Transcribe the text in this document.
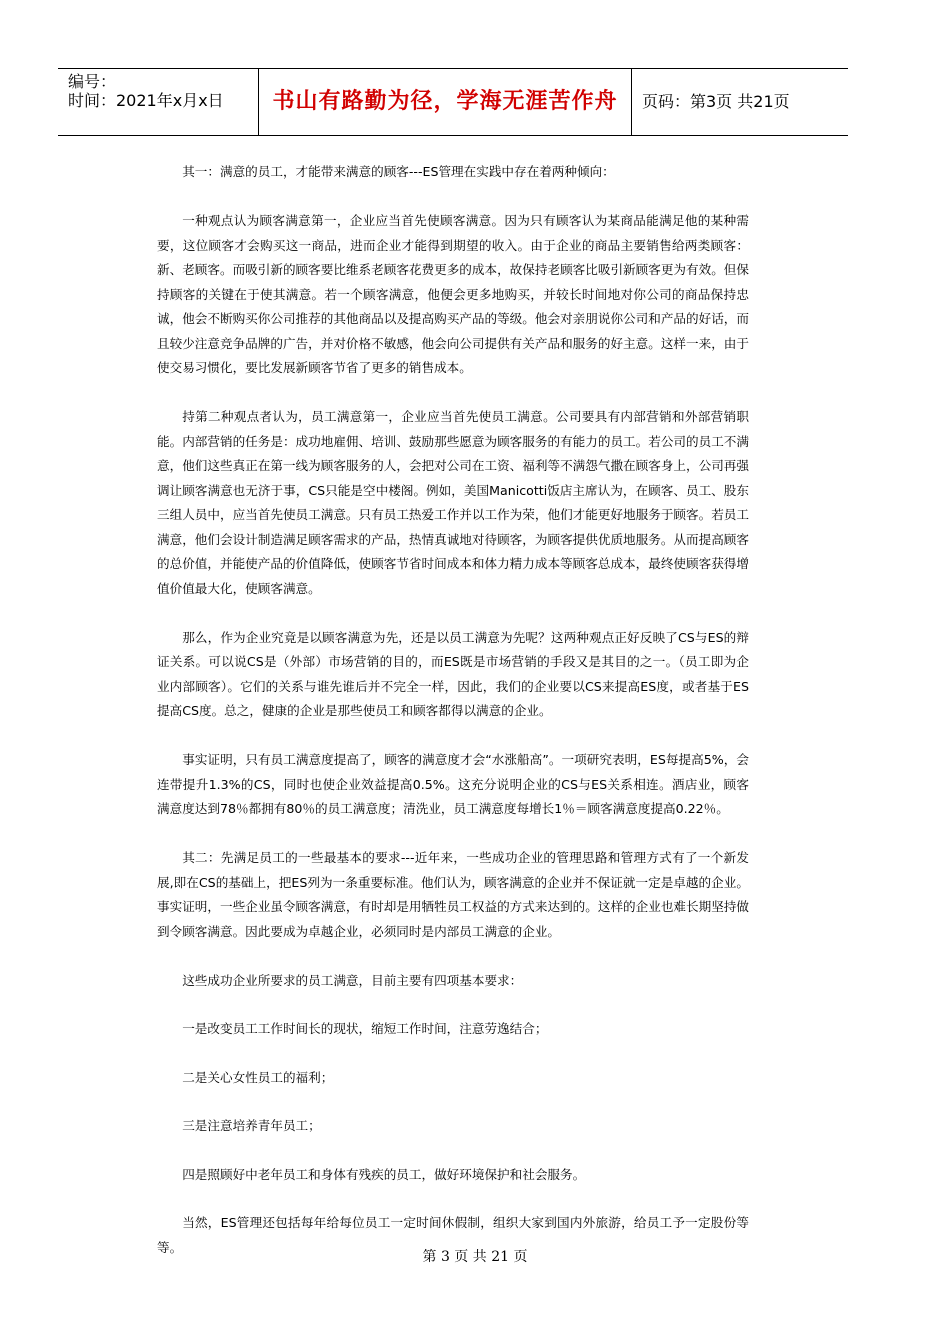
编号：
时间：2021年x月x日	书山有路勤为径，学海无涯苦作舟	页码：第3页 共21页

其一：满意的员工，才能带来满意的顾客---ES管理在实践中存在着两种倾向：

一种观点认为顾客满意第一，企业应当首先使顾客满意。因为只有顾客认为某商品能满足他的某种需要，这位顾客才会购买这一商品，进而企业才能得到期望的收入。由于企业的商品主要销售给两类顾客：新、老顾客。而吸引新的顾客要比维系老顾客花费更多的成本，故保持老顾客比吸引新顾客更为有效。但保持顾客的关键在于使其满意。若一个顾客满意，他便会更多地购买，并较长时间地对你公司的商品保持忠诚，他会不断购买你公司推荐的其他商品以及提高购买产品的等级。他会对亲朋说你公司和产品的好话，而且较少注意竞争品牌的广告，并对价格不敏感，他会向公司提供有关产品和服务的好主意。这样一来，由于使交易习惯化，要比发展新顾客节省了更多的销售成本。

持第二种观点者认为，员工满意第一，企业应当首先使员工满意。公司要具有内部营销和外部营销职能。内部营销的任务是：成功地雇佣、培训、鼓励那些愿意为顾客服务的有能力的员工。若公司的员工不满意，他们这些真正在第一线为顾客服务的人，会把对公司在工资、福利等不满怨气撒在顾客身上，公司再强调让顾客满意也无济于事，CS只能是空中楼阁。例如，美国Manicotti饭店主席认为，在顾客、员工、股东三组人员中，应当首先使员工满意。只有员工热爱工作并以工作为荣，他们才能更好地服务于顾客。若员工满意，他们会设计制造满足顾客需求的产品，热情真诚地对待顾客，为顾客提供优质地服务。从而提高顾客的总价值，并能使产品的价值降低，使顾客节省时间成本和体力精力成本等顾客总成本，最终使顾客获得增值价值最大化，使顾客满意。

那么，作为企业究竟是以顾客满意为先，还是以员工满意为先呢？这两种观点正好反映了CS与ES的辩证关系。可以说CS是（外部）市场营销的目的，而ES既是市场营销的手段又是其目的之一。（员工即为企业内部顾客）。它们的关系与谁先谁后并不完全一样，因此，我们的企业要以CS来提高ES度，或者基于ES提高CS度。总之，健康的企业是那些使员工和顾客都得以满意的企业。

事实证明，只有员工满意度提高了，顾客的满意度才会“水涨船高”。一项研究表明，ES每提高5%，会连带提升1.3%的CS，同时也使企业效益提高0.5%。这充分说明企业的CS与ES关系相连。酒店业，顾客满意度达到78％都拥有80％的员工满意度；清洗业，员工满意度每增长1％＝顾客满意度提高0.22％。

其二：先满足员工的一些最基本的要求---近年来，一些成功企业的管理思路和管理方式有了一个新发展,即在CS的基础上，把ES列为一条重要标准。他们认为，顾客满意的企业并不保证就一定是卓越的企业。事实证明，一些企业虽令顾客满意，有时却是用牺牲员工权益的方式来达到的。这样的企业也难长期坚持做到令顾客满意。因此要成为卓越企业，必须同时是内部员工满意的企业。

这些成功企业所要求的员工满意，目前主要有四项基本要求：

一是改变员工工作时间长的现状，缩短工作时间，注意劳逸结合；

二是关心女性员工的福利；

三是注意培养青年员工；

四是照顾好中老年员工和身体有残疾的员工，做好环境保护和社会服务。

当然，ES管理还包括每年给每位员工一定时间休假制，组织大家到国内外旅游，给员工予一定股份等等。

第 3 页 共 21 页
